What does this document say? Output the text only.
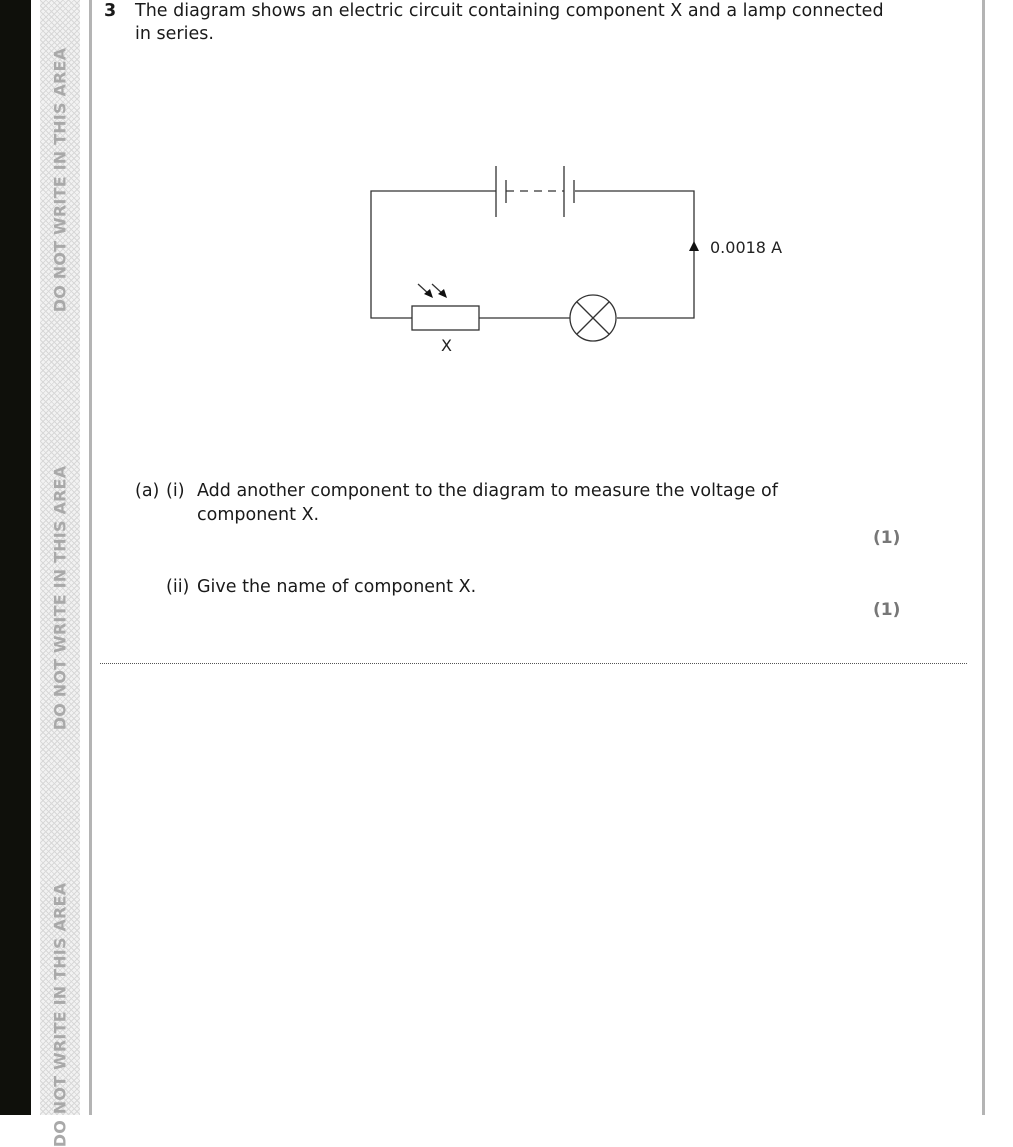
DO NOT WRITE IN THIS AREA
DO NOT WRITE IN THIS AREA
DO NOT WRITE IN THIS AREA
3 The diagram shows an electric circuit containing component X and a lamp connected
in series.
0.0018 A
X
(a) (i) Add another component to the diagram to measure the voltage of
component X.
(1)
(ii) Give the name of component X.
(1)
